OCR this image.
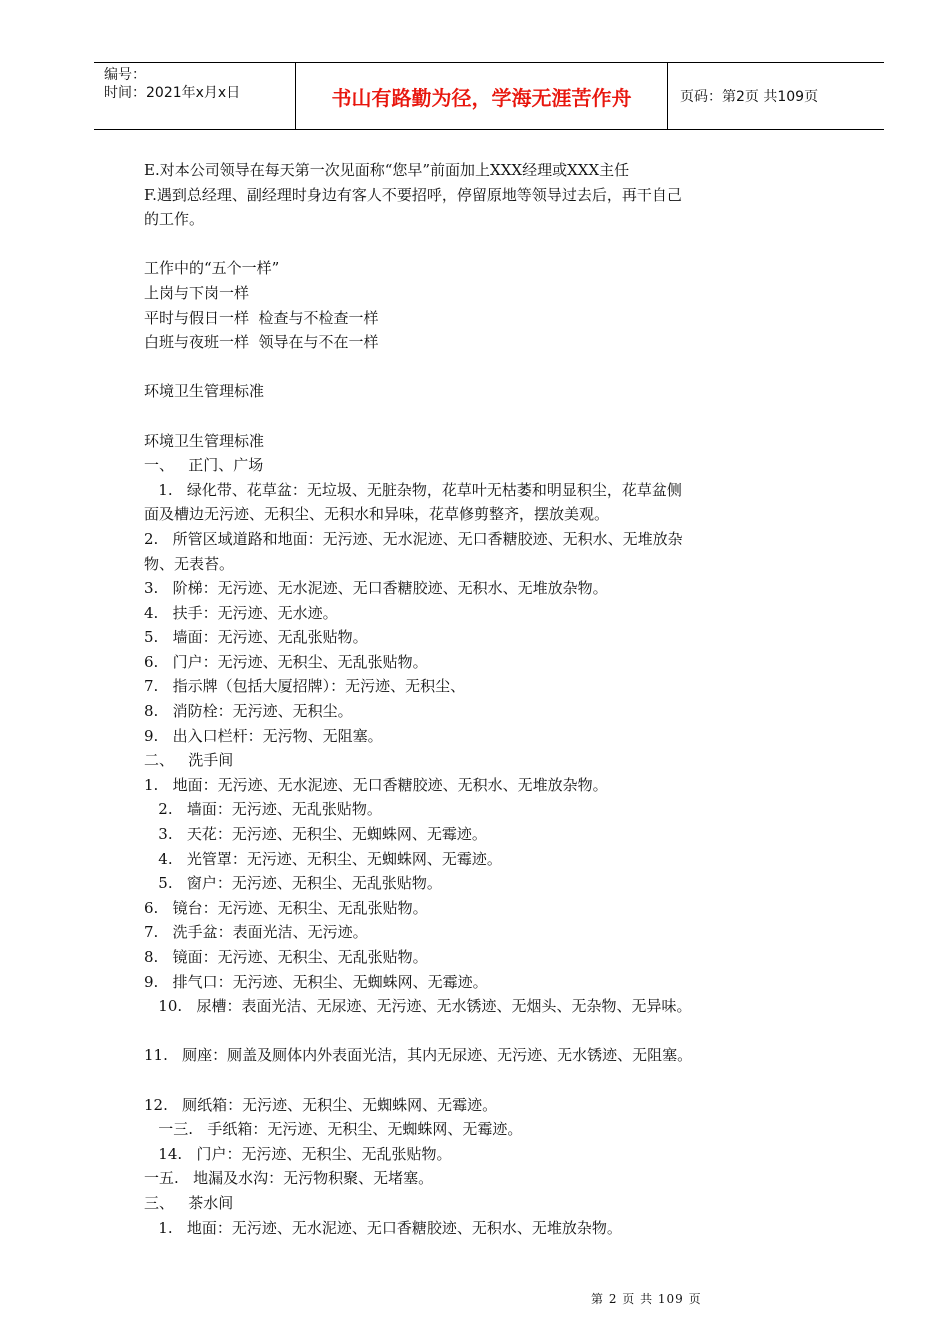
编号：
时间：2021年x月x日	书山有路勤为径，学海无涯苦作舟	页码：第2页 共109页
E.对本公司领导在每天第一次见面称“您早”前面加上XXX经理或XXX主任
F.遇到总经理、副经理时身边有客人不要招呼，停留原地等领导过去后，再干自己
的工作。
工作中的“五个一样”
上岗与下岗一样
平时与假日一样  检查与不检查一样
白班与夜班一样  领导在与不在一样
环境卫生管理标准
环境卫生管理标准
一、   正门、广场
1.   绿化带、花草盆：无垃圾、无脏杂物，花草叶无枯萎和明显积尘，花草盆侧
面及槽边无污迹、无积尘、无积水和异味，花草修剪整齐，摆放美观。
2.   所管区域道路和地面：无污迹、无水泥迹、无口香糖胶迹、无积水、无堆放杂
物、无表苔。
3.   阶梯：无污迹、无水泥迹、无口香糖胶迹、无积水、无堆放杂物。
4.   扶手：无污迹、无水迹。
5.   墙面：无污迹、无乱张贴物。
6.   门户：无污迹、无积尘、无乱张贴物。
7.   指示牌（包括大厦招牌）：无污迹、无积尘、
8.   消防栓：无污迹、无积尘。
9.   出入口栏杆：无污物、无阻塞。
二、   洗手间
1.   地面：无污迹、无水泥迹、无口香糖胶迹、无积水、无堆放杂物。
2.   墙面：无污迹、无乱张贴物。
3.   天花：无污迹、无积尘、无蜘蛛网、无霉迹。
4.   光管罩：无污迹、无积尘、无蜘蛛网、无霉迹。
5.   窗户：无污迹、无积尘、无乱张贴物。
6.   镜台：无污迹、无积尘、无乱张贴物。
7.   洗手盆：表面光洁、无污迹。
8.   镜面：无污迹、无积尘、无乱张贴物。
9.   排气口：无污迹、无积尘、无蜘蛛网、无霉迹。
10.   尿槽：表面光洁、无尿迹、无污迹、无水锈迹、无烟头、无杂物、无异味。
11.   厕座：厕盖及厕体内外表面光洁，其内无尿迹、无污迹、无水锈迹、无阻塞。
12.   厕纸箱：无污迹、无积尘、无蜘蛛网、无霉迹。
一三.   手纸箱：无污迹、无积尘、无蜘蛛网、无霉迹。
14.   门户：无污迹、无积尘、无乱张贴物。
一五.   地漏及水沟：无污物积聚、无堵塞。
三、   茶水间
1.   地面：无污迹、无水泥迹、无口香糖胶迹、无积水、无堆放杂物。
第 2 页 共 109 页
